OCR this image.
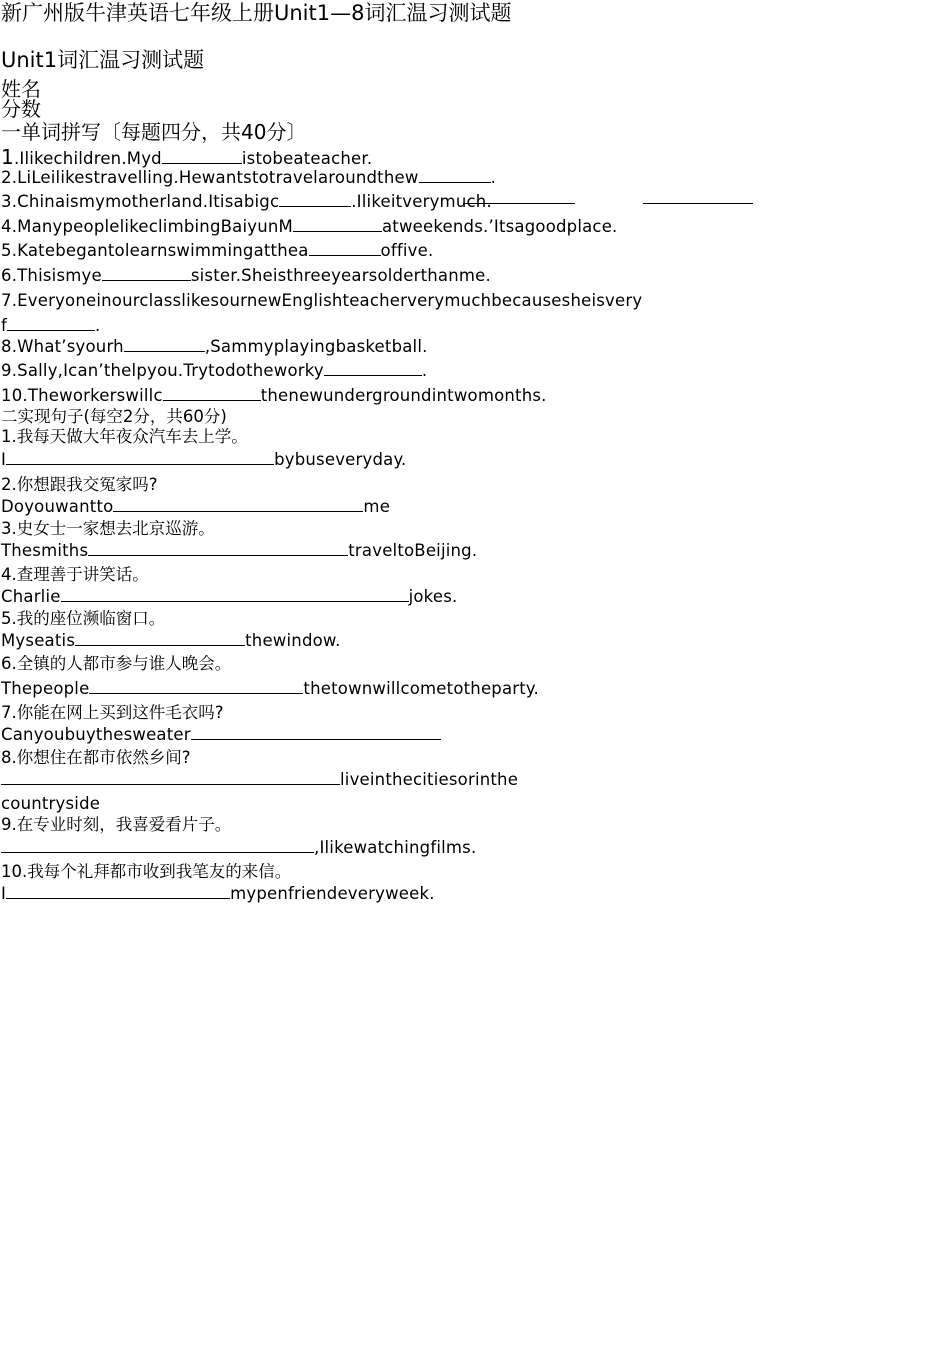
新广州版牛津英语七年级上册Unit1—8词汇温习测试题
Unit1词汇温习测试题
姓名
分数
一单词拼写〔每题四分，共40分〕
1.Ilikechildren.Myd	istobeateacher.
2.LiLeilikestravelling.Hewantstotravelaroundthew	.
3.Chinaismymotherland.Itisabigc	.Ilikeitverymuch.
4.ManypeoplelikeclimbingBaiyunM	atweekends.’Itsagoodplace.
5.Katebegantolearnswimmingatthea	offive.
6.Thisismye	sister.Sheisthreeyearsolderthanme.
7.EveryoneinourclasslikesournewEnglishteacherverymuchbecausesheisvery
f	.
8.What’syourh	,Sammyplayingbasketball.
9.Sally,Ican’thelpyou.Trytodotheworky	.
10.Theworkerswillc	thenewundergroundintwomonths.
二实现句子(每空2分，共60分)
1.我每天做大年夜众汽车去上学。
I	bybuseveryday.
2.你想跟我交冤家吗?
Doyouwantto	me
3.史女士一家想去北京巡游。
Thesmiths	traveltoBeijing.
4.查理善于讲笑话。
Charlie	jokes.
5.我的座位濒临窗口。
Myseatis	thewindow.
6.全镇的人都市参与谁人晚会。
Thepeople	thetownwillcometotheparty.
7.你能在网上买到这件毛衣吗?
Canyoubuythesweater
8.你想住在都市依然乡间?
liveinthecitiesorinthe
countryside
9.在专业时刻，我喜爱看片子。
,Ilikewatchingfilms.
10.我每个礼拜都市收到我笔友的来信。
I	mypenfriendeveryweek.
